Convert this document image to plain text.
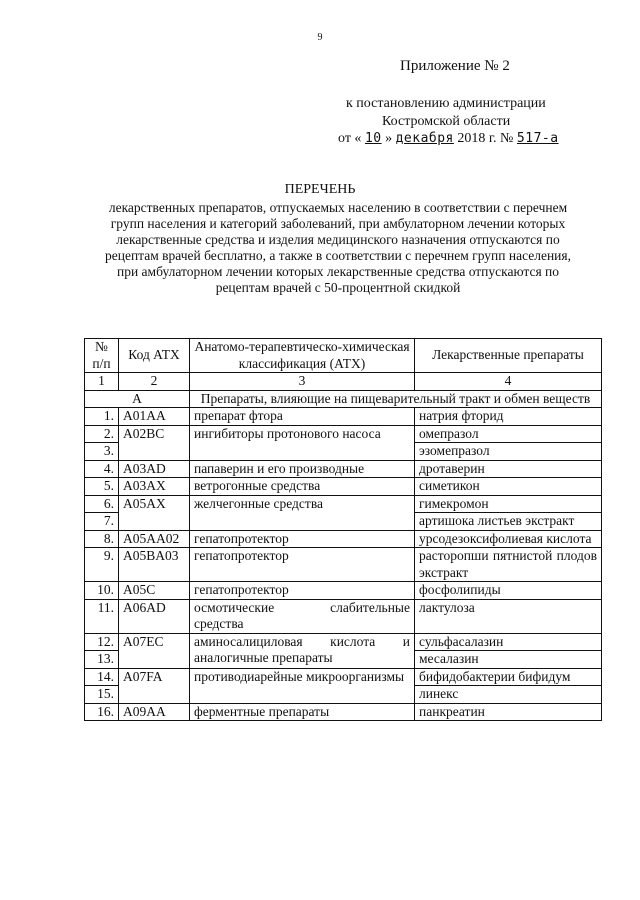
9
Приложение № 2
к постановлению администрации
Костромской области
от « 10 » декабря 2018 г. № 517-а
ПЕРЕЧЕНЬ
лекарственных препаратов, отпускаемых населению в соответствии с перечнем групп населения и категорий заболеваний, при амбулаторном лечении которых лекарственные средства и изделия медицинского назначения отпускаются по рецептам врачей бесплатно, а также в соответствии с перечнем групп населения, при амбулаторном лечении которых лекарственные средства отпускаются по рецептам врачей с 50-процентной скидкой
№ п/п	Код АТХ	Анатомо-терапевтическо-химическая классификация (АТХ)	Лекарственные препараты
1	2	3	4
А		Препараты, влияющие на пищеварительный тракт и обмен веществ	
1.	A01AA	препарат фтора	натрия фторид
2.	A02BC	ингибиторы протонового насоса	омепразол
3.			эзомепразол
4.	A03AD	папаверин и его производные	дротаверин
5.	A03AX	ветрогонные средства	симетикон
6.	A05AX	желчегонные средства	гимекромон
7.			артишока листьев экстракт
8.	A05AA02	гепатопротектор	урсодезоксифолиевая кислота
9.	A05BA03	гепатопротектор	расторопши пятнистой плодов экстракт
10.	A05C	гепатопротектор	фосфолипиды
11.	A06AD	осмотические слабительные средства	лактулоза
12.	A07EC	аминосалициловая кислота и аналогичные препараты	сульфасалазин
13.			месалазин
14.	A07FA	противодиарейные микроорганизмы	бифидобактерии бифидум
15.			линекс
16.	A09AA	ферментные препараты	панкреатин
